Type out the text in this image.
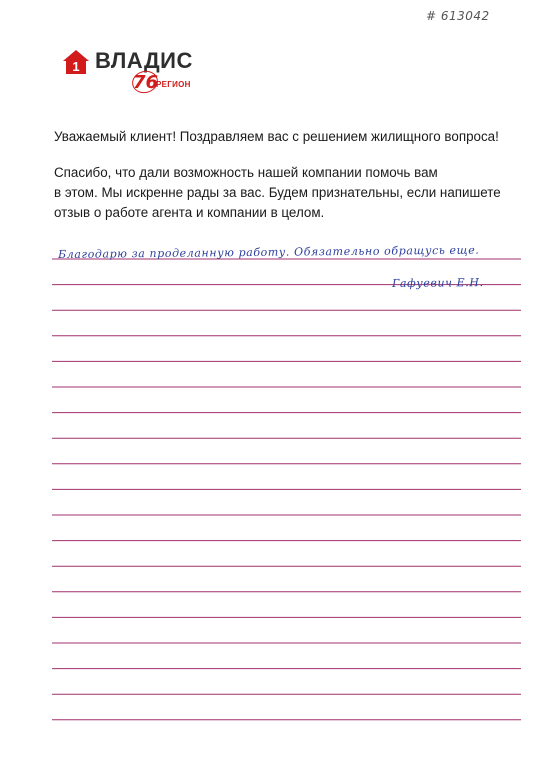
# 613042
1 ВЛАДИС
76
РЕГИОН
Уважаемый клиент! Поздравляем вас с решением жилищного вопроса!
Спасибо, что дали возможность нашей компании помочь вам
в этом. Мы искренне рады за вас. Будем признательны, если напишете
отзыв о работе агента и компании в целом.
Благодарю за проделанную работу. Обязательно обращусь еще.
Гафуевич Е.Н.
